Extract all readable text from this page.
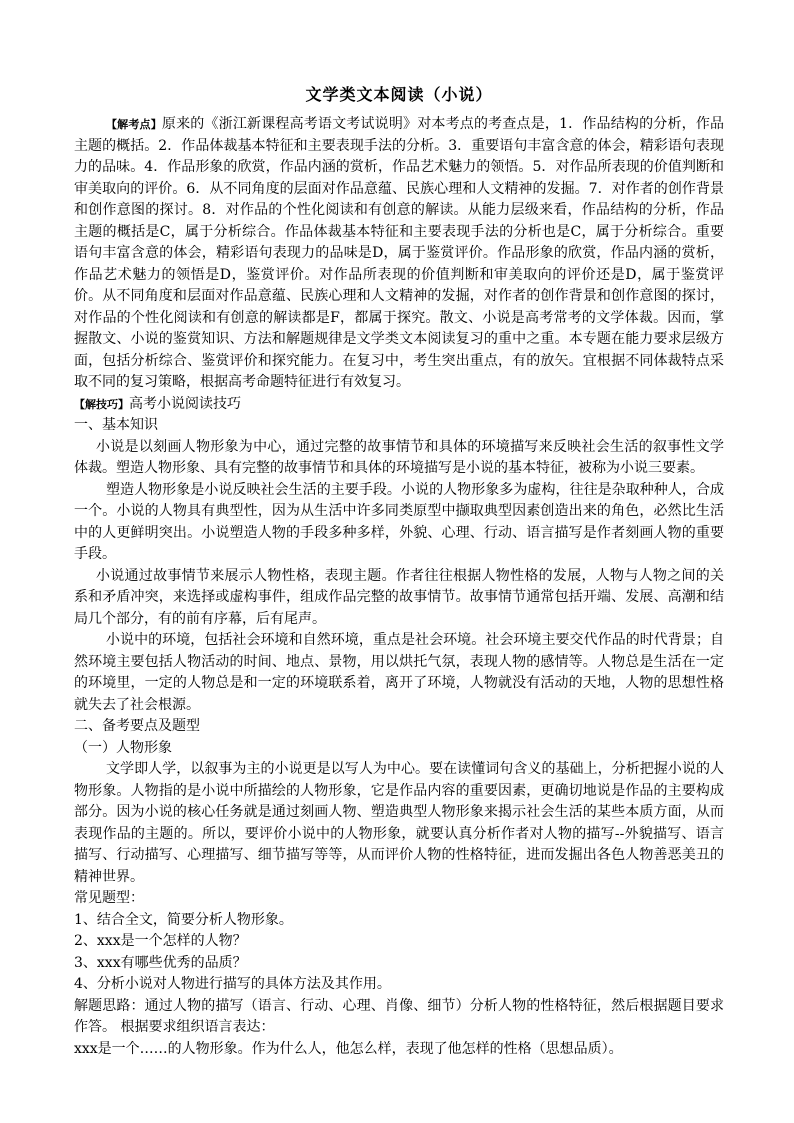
文学类文本阅读（小说）

【解考点】原来的《浙江新课程高考语文考试说明》对本考点的考查点是，1．作品结构的分析，作品主题的概括。2．作品体裁基本特征和主要表现手法的分析。3．重要语句丰富含意的体会，精彩语句表现力的品味。4．作品形象的欣赏，作品内涵的赏析，作品艺术魅力的领悟。5．对作品所表现的价值判断和审美取向的评价。6．从不同角度的层面对作品意蕴、民族心理和人文精神的发掘。7．对作者的创作背景和创作意图的探讨。8．对作品的个性化阅读和有创意的解读。从能力层级来看，作品结构的分析，作品主题的概括是C，属于分析综合。作品体裁基本特征和主要表现手法的分析也是C，属于分析综合。重要语句丰富含意的体会，精彩语句表现力的品味是D，属于鉴赏评价。作品形象的欣赏，作品内涵的赏析，作品艺术魅力的领悟是D，鉴赏评价。对作品所表现的价值判断和审美取向的评价还是D，属于鉴赏评价。从不同角度和层面对作品意蕴、民族心理和人文精神的发掘，对作者的创作背景和创作意图的探讨，对作品的个性化阅读和有创意的解读都是F，都属于探究。散文、小说是高考常考的文学体裁。因而，掌握散文、小说的鉴赏知识、方法和解题规律是文学类文本阅读复习的重中之重。本专题在能力要求层级方面，包括分析综合、鉴赏评价和探究能力。在复习中，考生突出重点，有的放矢。宜根据不同体裁特点采取不同的复习策略，根据高考命题特征进行有效复习。

【解技巧】高考小说阅读技巧

一、基本知识

小说是以刻画人物形象为中心，通过完整的故事情节和具体的环境描写来反映社会生活的叙事性文学体裁。塑造人物形象、具有完整的故事情节和具体的环境描写是小说的基本特征，被称为小说三要素。

塑造人物形象是小说反映社会生活的主要手段。小说的人物形象多为虚构，往往是杂取种种人，合成一个。小说的人物具有典型性，因为从生活中许多同类原型中撷取典型因素创造出来的角色，必然比生活中的人更鲜明突出。小说塑造人物的手段多种多样，外貌、心理、行动、语言描写是作者刻画人物的重要手段。

小说通过故事情节来展示人物性格，表现主题。作者往往根据人物性格的发展，人物与人物之间的关系和矛盾冲突，来选择或虚构事件，组成作品完整的故事情节。故事情节通常包括开端、发展、高潮和结局几个部分，有的前有序幕，后有尾声。

小说中的环境，包括社会环境和自然环境，重点是社会环境。社会环境主要交代作品的时代背景；自然环境主要包括人物活动的时间、地点、景物，用以烘托气氛，表现人物的感情等。人物总是生活在一定的环境里，一定的人物总是和一定的环境联系着，离开了环境，人物就没有活动的天地，人物的思想性格就失去了社会根源。

二、备考要点及题型

（一）人物形象

文学即人学，以叙事为主的小说更是以写人为中心。要在读懂词句含义的基础上，分析把握小说的人物形象。人物指的是小说中所描绘的人物形象，它是作品内容的重要因素，更确切地说是作品的主要构成部分。因为小说的核心任务就是通过刻画人物、塑造典型人物形象来揭示社会生活的某些本质方面，从而表现作品的主题的。所以，要评价小说中的人物形象，就要认真分析作者对人物的描写--外貌描写、语言描写、行动描写、心理描写、细节描写等等，从而评价人物的性格特征，进而发掘出各色人物善恶美丑的精神世界。

常见题型：

1、结合全文，简要分析人物形象。

2、xxx是一个怎样的人物？

3、xxx有哪些优秀的品质？

4、分析小说对人物进行描写的具体方法及其作用。

解题思路：通过人物的描写（语言、行动、心理、肖像、细节）分析人物的性格特征，然后根据题目要求作答。 根据要求组织语言表达：

xxx是一个……的人物形象。作为什么人，他怎么样，表现了他怎样的性格（思想品质）。
